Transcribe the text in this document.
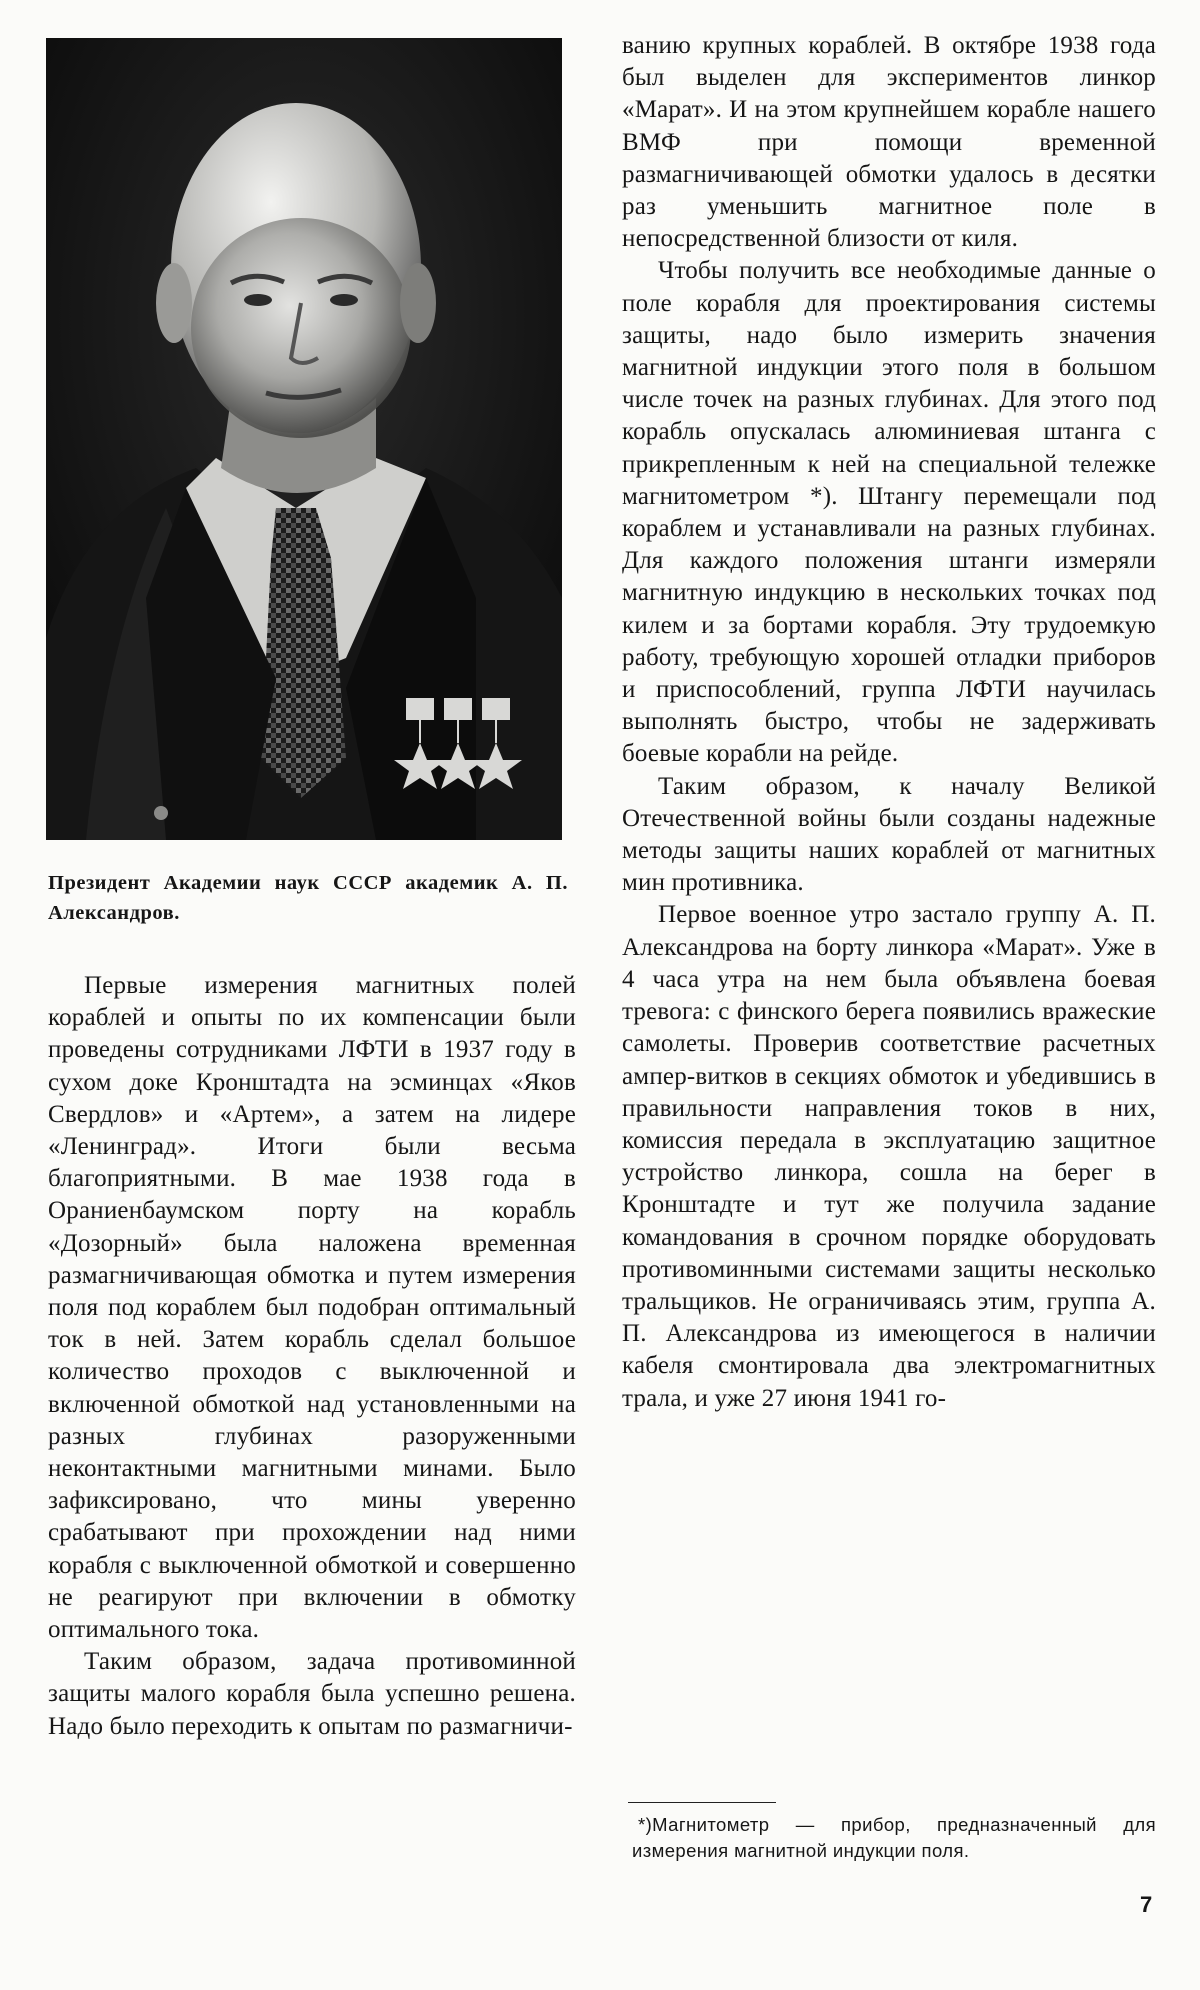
Президент Академии наук СССР академик А. П. Александров.

Первые измерения магнитных полей кораблей и опыты по их компенсации были проведены сотрудниками ЛФТИ в 1937 году в сухом доке Кронштадта на эсминцах «Яков Свердлов» и «Артем», а затем на лидере «Ленинград». Итоги были весьма благоприятными. В мае 1938 года в Ораниенбаумском порту на корабль «Дозорный» была наложена временная размагничивающая обмотка и путем измерения поля под кораблем был подобран оптимальный ток в ней. Затем корабль сделал большое количество проходов с выключенной и включенной обмоткой над установленными на разных глубинах разоруженными неконтактными магнитными минами. Было зафиксировано, что мины уверенно срабатывают при прохождении над ними корабля с выключенной обмоткой и совершенно не реагируют при включении в обмотку оптимального тока.

Таким образом, задача противоминной защиты малого корабля была успешно решена. Надо было переходить к опытам по размагничи-

ванию крупных кораблей. В октябре 1938 года был выделен для экспериментов линкор «Марат». И на этом крупнейшем корабле нашего ВМФ при помощи временной размагничивающей обмотки удалось в десятки раз уменьшить магнитное поле в непосредственной близости от киля.

Чтобы получить все необходимые данные о поле корабля для проектирования системы защиты, надо было измерить значения магнитной индукции этого поля в большом числе точек на разных глубинах. Для этого под корабль опускалась алюминиевая штанга с прикрепленным к ней на специальной тележке магнитометром *). Штангу перемещали под кораблем и устанавливали на разных глубинах. Для каждого положения штанги измеряли магнитную индукцию в нескольких точках под килем и за бортами корабля. Эту трудоемкую работу, требующую хорошей отладки приборов и приспособлений, группа ЛФТИ научилась выполнять быстро, чтобы не задерживать боевые корабли на рейде.

Таким образом, к началу Великой Отечественной войны были созданы надежные методы защиты наших кораблей от магнитных мин противника.

Первое военное утро застало группу А. П. Александрова на борту линкора «Марат». Уже в 4 часа утра на нем была объявлена боевая тревога: с финского берега появились вражеские самолеты. Проверив соответствие расчетных ампер-витков в секциях обмоток и убедившись в правильности направления токов в них, комиссия передала в эксплуатацию защитное устройство линкора, сошла на берег в Кронштадте и тут же получила задание командования в срочном порядке оборудовать противоминными системами защиты несколько тральщиков. Не ограничиваясь этим, группа А. П. Александрова из имеющегося в наличии кабеля смонтировала два электромагнитных трала, и уже 27 июня 1941 го-

*)Магнитометр — прибор, предназначенный для измерения магнитной индукции поля.
7
